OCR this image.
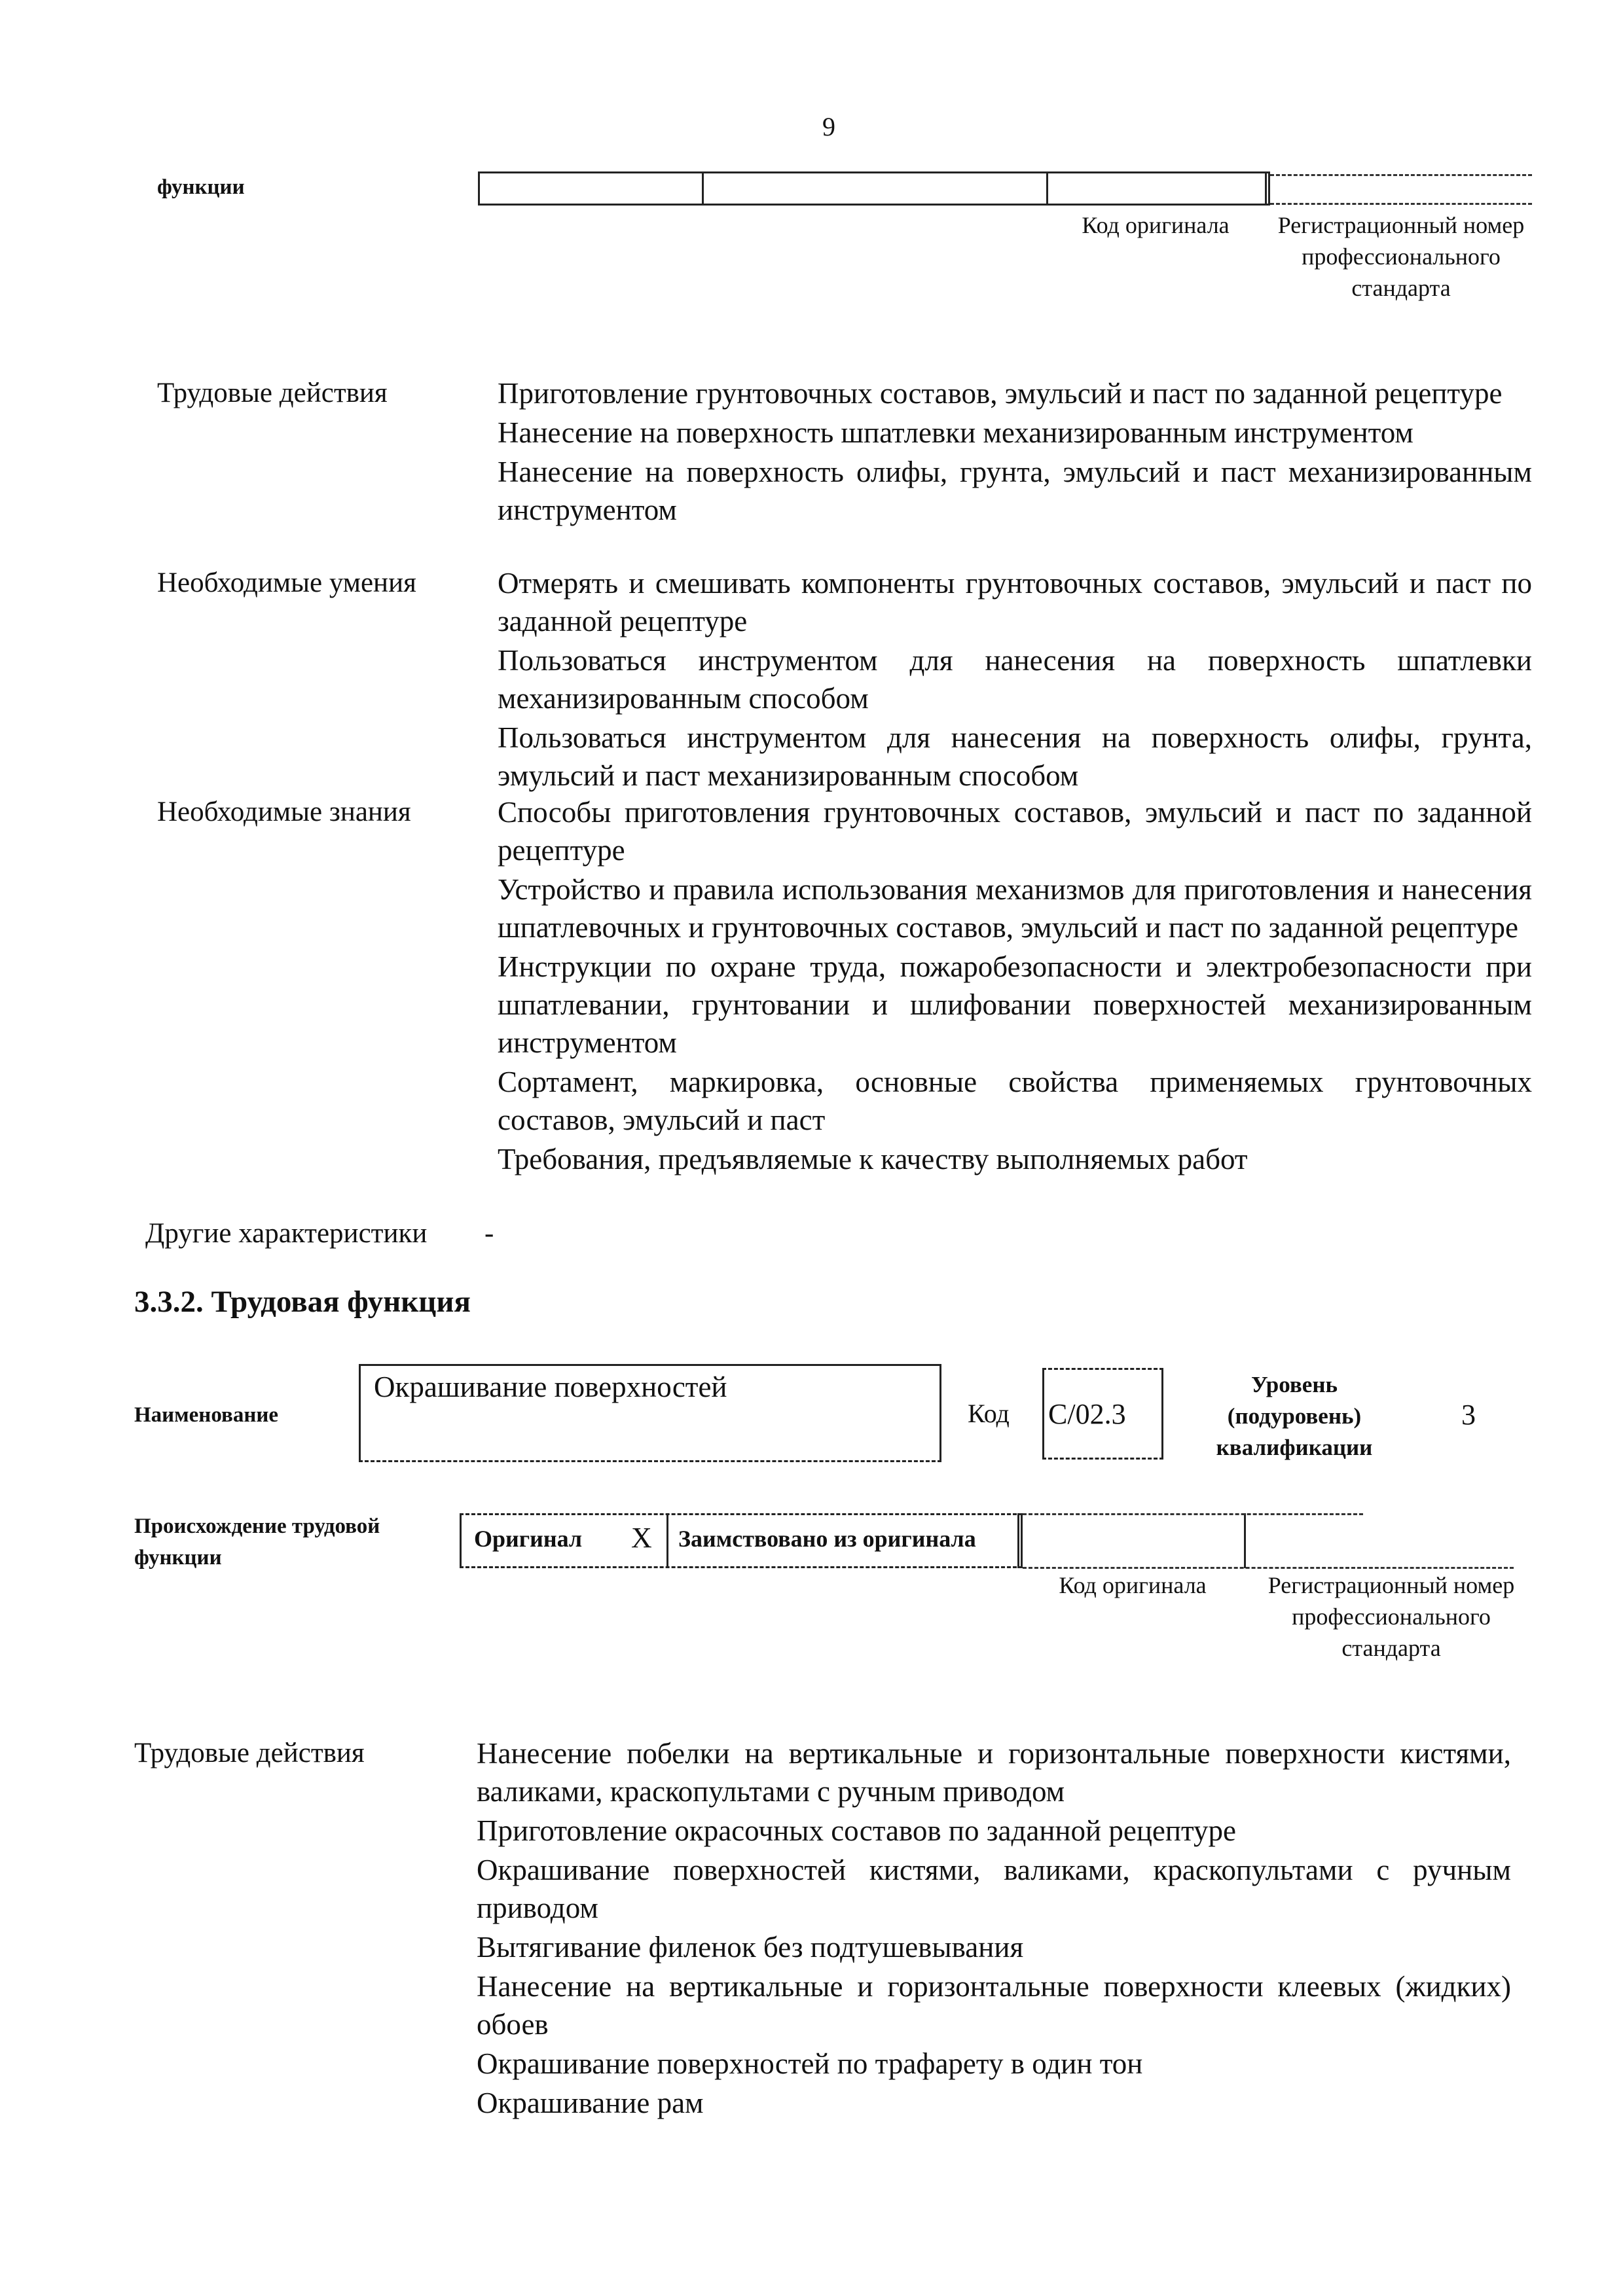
9
функции
Код оригинала	Регистрационный номер профессионального стандарта
Трудовые действия	Приготовление грунтовочных составов, эмульсий и паст по заданной рецептуре
Нанесение на поверхность шпатлевки механизированным инструментом
Нанесение на поверхность олифы, грунта, эмульсий и паст механизированным инструментом
Необходимые умения	Отмерять и смешивать компоненты грунтовочных составов, эмульсий и паст по заданной рецептуре
Пользоваться инструментом для нанесения на поверхность шпатлевки механизированным способом
Пользоваться инструментом для нанесения на поверхность олифы, грунта, эмульсий и паст механизированным способом
Необходимые знания	Способы приготовления грунтовочных составов, эмульсий и паст по заданной рецептуре
Устройство и правила использования механизмов для приготовления и нанесения шпатлевочных и грунтовочных составов, эмульсий и паст по заданной рецептуре
Инструкции по охране труда, пожаробезопасности и электробезопасности при шпатлевании, грунтовании и шлифовании поверхностей механизированным инструментом
Сортамент, маркировка, основные свойства применяемых грунтовочных составов, эмульсий и паст
Требования, предъявляемые к качеству выполняемых работ
Другие характеристики -
3.3.2. Трудовая функция
Наименование
Окрашивание поверхностей
Код C/02.3
Уровень (подуровень) квалификации
3
Происхождение трудовой функции
Оригинал X Заимствовано из оригинала
Код оригинала	Регистрационный номер профессионального стандарта
Трудовые действия	Нанесение побелки на вертикальные и горизонтальные поверхности кистями, валиками, краскопультами с ручным приводом
Приготовление окрасочных составов по заданной рецептуре
Окрашивание поверхностей кистями, валиками, краскопультами с ручным приводом
Вытягивание филенок без подтушевывания
Нанесение на вертикальные и горизонтальные поверхности клеевых (жидких) обоев
Окрашивание поверхностей по трафарету в один тон
Окрашивание рам
